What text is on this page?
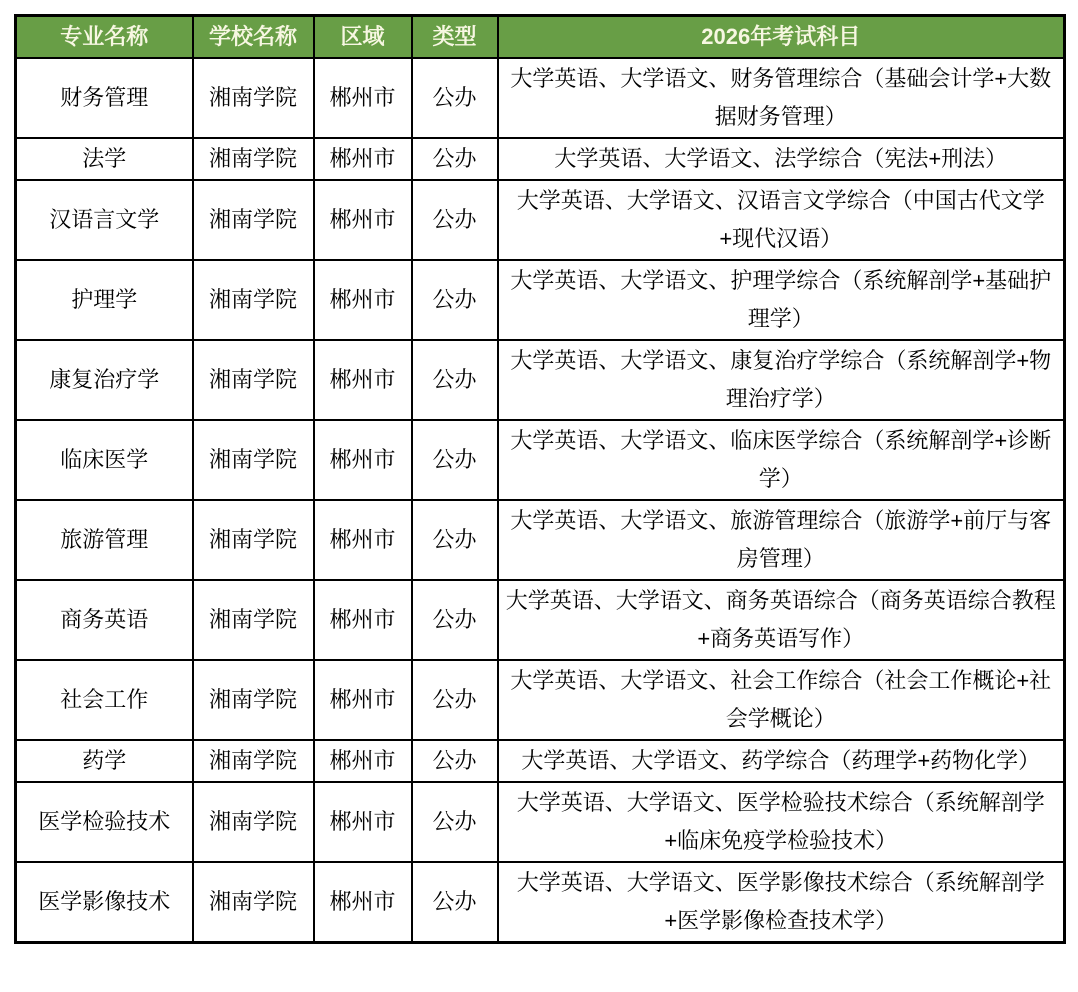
专业名称	学校名称	区域	类型	2026年考试科目
财务管理	湘南学院	郴州市	公办	大学英语、大学语文、财务管理综合（基础会计学+大数据财务管理）
法学	湘南学院	郴州市	公办	大学英语、大学语文、法学综合（宪法+刑法）
汉语言文学	湘南学院	郴州市	公办	大学英语、大学语文、汉语言文学综合（中国古代文学+现代汉语）
护理学	湘南学院	郴州市	公办	大学英语、大学语文、护理学综合（系统解剖学+基础护理学）
康复治疗学	湘南学院	郴州市	公办	大学英语、大学语文、康复治疗学综合（系统解剖学+物理治疗学）
临床医学	湘南学院	郴州市	公办	大学英语、大学语文、临床医学综合（系统解剖学+诊断学）
旅游管理	湘南学院	郴州市	公办	大学英语、大学语文、旅游管理综合（旅游学+前厅与客房管理）
商务英语	湘南学院	郴州市	公办	大学英语、大学语文、商务英语综合（商务英语综合教程+商务英语写作）
社会工作	湘南学院	郴州市	公办	大学英语、大学语文、社会工作综合（社会工作概论+社会学概论）
药学	湘南学院	郴州市	公办	大学英语、大学语文、药学综合（药理学+药物化学）
医学检验技术	湘南学院	郴州市	公办	大学英语、大学语文、医学检验技术综合（系统解剖学+临床免疫学检验技术）
医学影像技术	湘南学院	郴州市	公办	大学英语、大学语文、医学影像技术综合（系统解剖学+医学影像检查技术学）
